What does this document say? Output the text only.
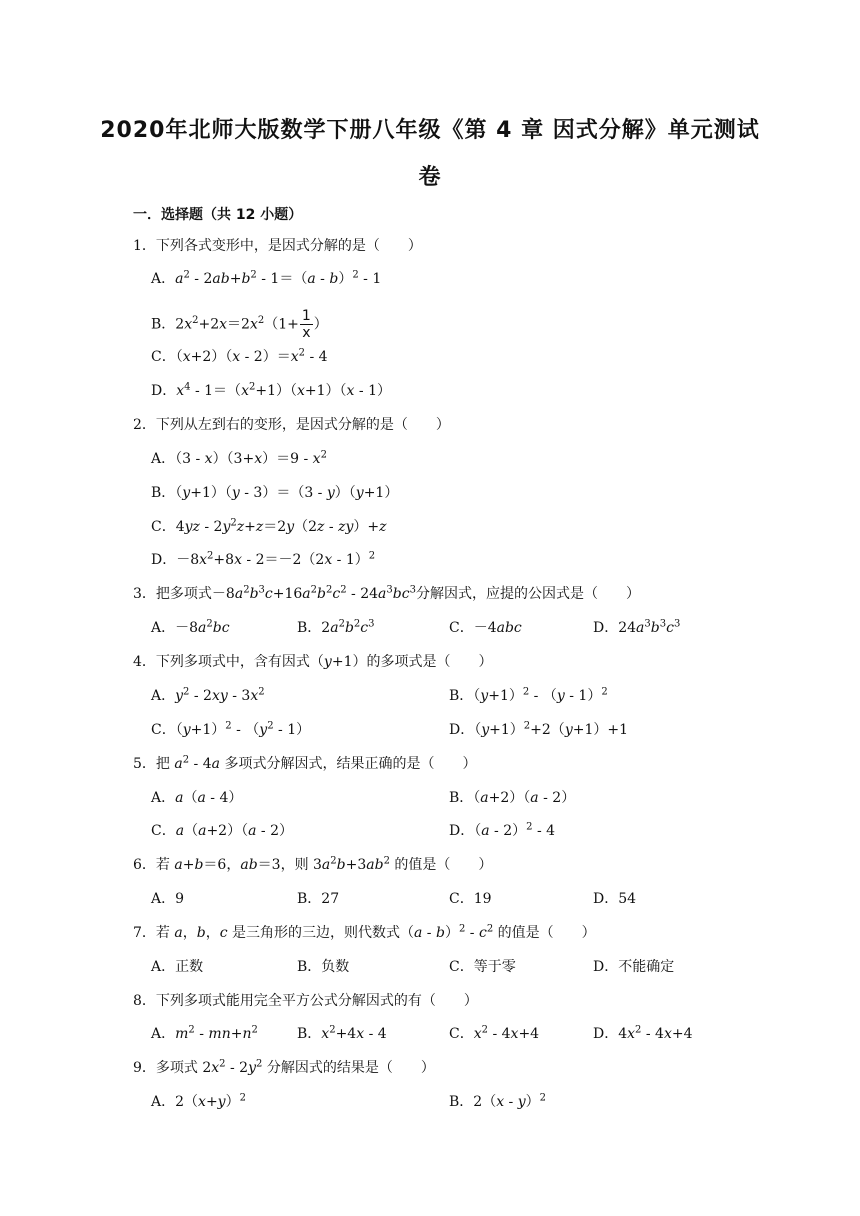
2020年北师大版数学下册八年级《第 4 章 因式分解》单元测试
卷
一．选择题（共 12 小题）
1．下列各式变形中，是因式分解的是（　　）
A．$a^2 - 2ab+b^2 - 1=(a - b)^2 - 1$
B．$2x^2+2x=2x^2(1+ \frac{1}{x}$ ）
C．$(x+2)(x - 2)=x^2 - 4$
D．$x^4 - 1=(x^2+1)(x+1)(x - 1)$
2．下列从左到右的变形，是因式分解的是（　　）
A．$(3 - x)(3+x)=9 - x^2$
B．（y+1）（y - 3）＝（3 - y）（y+1）
C．$4yz - 2y^2z+z=2y(2z - zy)+z$
D．$-8x^2+8x - 2=-2(2x - 1)^2$
3．把多项式$-8a^2b^3c+16a^2b^2c^2 - 24a^3bc^3$分解因式，应提的公因式是（　　）
A．$-8a^2bc$	B．$2a^2b^2c^3$	C．－4abc	D．$24a^3b^3c^3$
4．下列多项式中，含有因式（y+1）的多项式是（　　）
A．$y^2 - 2xy - 3x^2$	B．$(y+1)^2 - (y - 1)^2$
C．$(y+1)^2 - (y^2 - 1)$	D．$(y+1)^2+2(y+1)+1$
5．把 $a^2 - 4a$ 多项式分解因式，结果正确的是（　　）
A．a（a - 4）	B．（a+2）（a - 2）
C．a（a+2）（a - 2）	D．（a - 2）$^2$ - 4
6．若 a+b＝6，ab＝3，则 $3a^2b+3ab^2$ 的值是（　　）
A．9	B．27	C．19	D．54
7．若 a，b，c 是三角形的三边，则代数式$(a - b)^2 - c^2$ 的值是（　　）
A．正数	B．负数	C．等于零	D．不能确定
8．下列多项式能用完全平方公式分解因式的有（　　）
A．$m^2 - mn+n^2$	B．$x^2+4x - 4$	C．$x^2 - 4x+4$	D．$4x^2 - 4x+4$
9．多项式 $2x^2 - 2y^2$ 分解因式的结果是（　　）
A．$2(x+y)^2$	B．2（x - y）$^2$
